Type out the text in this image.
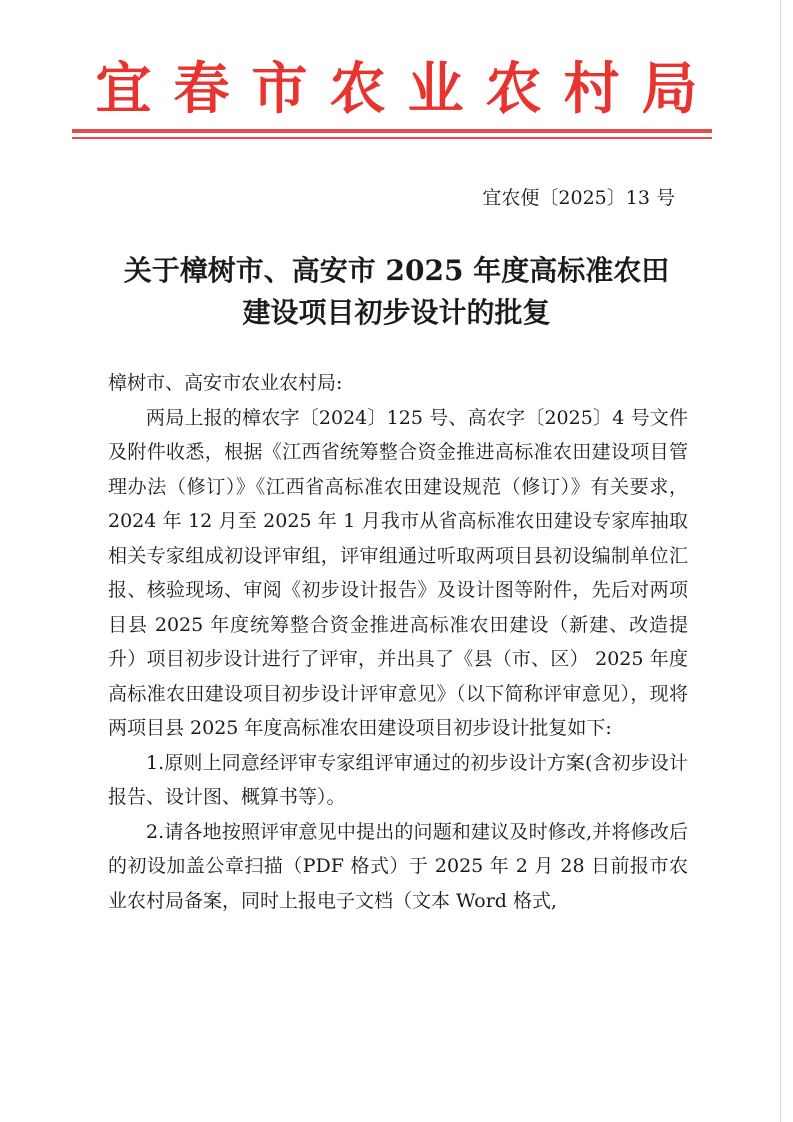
宜春市农业农村局
宜农便〔2025〕13 号
关于樟树市、高安市 2025 年度高标准农田
建设项目初步设计的批复

樟树市、高安市农业农村局:

两局上报的樟农字〔2024〕125 号、高农字〔2025〕4 号文件及附件收悉，根据《江西省统筹整合资金推进高标准农田建设项目管理办法（修订）》《江西省高标准农田建设规范（修订）》有关要求，2024 年 12 月至 2025 年 1 月我市从省高标准农田建设专家库抽取相关专家组成初设评审组，评审组通过听取两项目县初设编制单位汇报、核验现场、审阅《初步设计报告》及设计图等附件，先后对两项目县 2025 年度统筹整合资金推进高标准农田建设（新建、改造提升）项目初步设计进行了评审，并出具了《县（市、区） 2025 年度高标准农田建设项目初步设计评审意见》（以下简称评审意见），现将两项目县 2025 年度高标准农田建设项目初步设计批复如下:

1.原则上同意经评审专家组评审通过的初步设计方案(含初步设计报告、设计图、概算书等）。

2.请各地按照评审意见中提出的问题和建议及时修改,并将修改后的初设加盖公章扫描（PDF 格式）于 2025 年 2 月 28 日前报市农业农村局备案，同时上报电子文档（文本 Word 格式,
